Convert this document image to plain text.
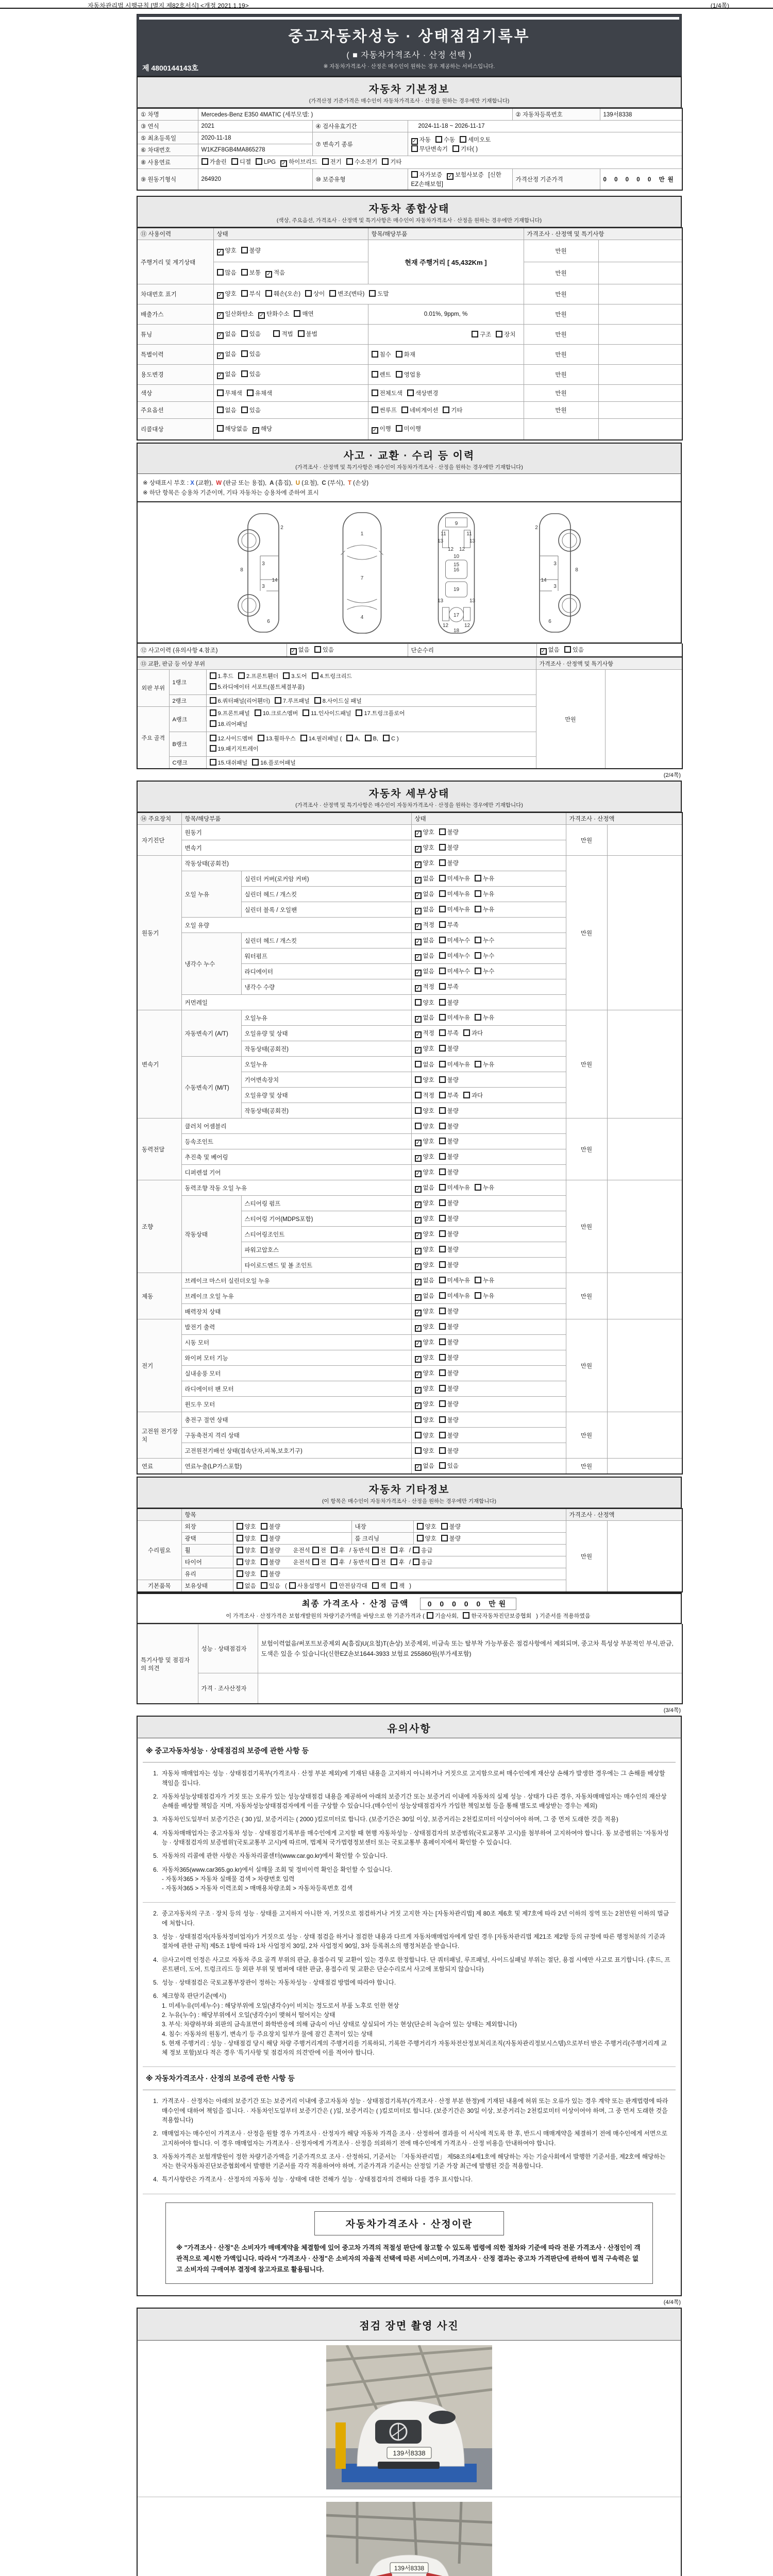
자동차관리법 시행규칙 [별지 제82호서식] <개정 2021.1.19>	(1/4쪽)
중고자동차성능 · 상태점검기록부
( ■ 자동차가격조사 · 산정 선택 )
※ 자동차가격조사 · 산정은 매수인이 원하는 경우 제공하는 서비스입니다.
제 4800144143호
자동차 기본정보
(가격산정 기준가격은 매수인이 자동차가격조사 · 산정을 원하는 경우에만 기재합니다)
① 차명	Mercedes-Benz E350 4MATIC (세부모델: )			② 자동차등록번호	139서8338
③ 연식	2021	④ 검사유효기간	2024-11-18 ~ 2026-11-17		
⑤ 최초등록일	2020-11-18	⑦ 변속기 종류	✓ 자동 수동 세미오토
무단변속기 기타( )		
⑥ 차대번호	W1KZF8GB4MA865278				
⑧ 사용연료	가솔린 디젤 LPG ✓ 하이브리드 전기 수소전기 기타				
⑨ 원동기형식	264920	⑩ 보증유형	자가보증 ✓ 보험사보증 [신한EZ손해보험]	가격산정 기준가격	0 0 0 0 0 만원
자동차 종합상태
(색상, 주요옵션, 가격조사 · 산정액 및 특기사항은 매수인이 자동차가격조사 · 산정을 원하는 경우에만 기재합니다)
⑪ 사용이력	상태	항목/해당부품	가격조사 · 산정액 및 특기사항	
주행거리 및 계기상태	✓ 양호 불량	현재 주행거리 [ 45,432Km ]	만원	
	많음 보통 ✓ 적음		만원	
차대번호 표기	✓ 양호 부식 훼손(오손) 상이 변조(변타) 도말		만원	
배출가스	✓ 일산화탄소 ✓ 탄화수소 매연	0.01%, 9ppm, %	만원	
튜닝	✓ 없음 있음　 적법 불법	구조 장치	만원	
특별이력	✓ 없음 있음	침수 화재	만원	
용도변경	✓ 없음 있음	렌트 영업용	만원	
색상	무채색 유채색	전체도색 색상변경	만원	
주요옵션	없음 있음	썬루프 네비게이션 기타	만원	
리콜대상	해당없음 ✓ 해당	✓ 이행 미이행		
사고 · 교환 · 수리 등 이력
(가격조사 · 산정액 및 특기사항은 매수인이 자동차가격조사 · 산정을 원하는 경우에만 기재합니다)
※ 상태표시 부호 : X (교환), W (판금 또는 용접), A (흠집), U (요철), C (부식), T (손상)
※ 하단 항목은 승용차 기준이며, 기타 자동차는 승용차에 준하여 표시
2
8
3
3
14
6
1
7
4
9
11	11
13	13
12 12
10
15
16
19
13	13
12	12
17
18
2
8
3
3
14
6
⑫ 사고이력 (유의사항 4.참조)	✓ 없음 있음	단순수리	✓ 없음 있음
⑬ 교환, 판금 등 이상 부위			가격조사 · 산정액 및 특기사항	
외판 부위	1랭크	1.후드 2.프론트휀더 3.도어 4.트렁크리드
5.라디에이터 서포트(볼트체결부품)	만원	
	2랭크	6.쿼터패널(리어휀더) 7.루프패널 8.사이드실 패널		
주요 골격	A랭크	9.프론트패널 10.크로스멤버 11.인사이드패널 17.트렁크플로어
18.리어패널		
	B랭크	12.사이드멤버 13.휠하우스 14.필러패널 ( A, B, C )
19.패키지트레이		
	C랭크	15.대쉬패널 16.플로어패널		
(2/4쪽)
자동차 세부상태
(가격조사 · 산정액 및 특기사항은 매수인이 자동차가격조사 · 산정을 원하는 경우에만 기재합니다)
⑭ 주요장치	항목/해당부품		상태	가격조사 · 산정액	
자기진단	원동기		✓ 양호 불량	만원	
	변속기		✓ 양호 불량		
원동기	작동상태(공회전)		✓ 양호 불량	만원	
	오일 누유	실린더 커버(로커암 커버)	✓ 없음 미세누유 누유		
		실린더 헤드 / 개스킷	✓ 없음 미세누유 누유		
		실린더 블록 / 오일팬	✓ 없음 미세누유 누유		
	오일 유량		✓ 적정 부족		
	냉각수 누수	실린더 헤드 / 개스킷	✓ 없음 미세누수 누수		
		워터펌프	✓ 없음 미세누수 누수		
		라디에이터	✓ 없음 미세누수 누수		
		냉각수 수량	✓ 적정 부족		
	커먼레일		양호 불량		
변속기	자동변속기 (A/T)	오일누유	✓ 없음 미세누유 누유	만원	
		오일유량 및 상태	✓ 적정 부족 과다		
		작동상태(공회전)	✓ 양호 불량		
	수동변속기 (M/T)	오일누유	없음 미세누유 누유		
		기어변속장치	양호 불량		
		오일유량 및 상태	적정 부족 과다		
		작동상태(공회전)	양호 불량		
동력전달	클러치 어셈블리		양호 불량	만원	
	등속조인트		✓ 양호 불량		
	추진축 및 베어링		✓ 양호 불량		
	디퍼렌셜 기어		✓ 양호 불량		
조향	동력조향 작동 오일 누유		✓ 없음 미세누유 누유	만원	
	작동상태	스티어링 펌프	✓ 양호 불량		
		스티어링 기어(MDPS포함)	✓ 양호 불량		
		스티어링조인트	✓ 양호 불량		
		파워고압호스	✓ 양호 불량		
		타이로드엔드 및 볼 조인트	✓ 양호 불량		
제동	브레이크 마스터 실린더오일 누유		✓ 없음 미세누유 누유	만원	
	브레이크 오일 누유		✓ 없음 미세누유 누유		
	배력장치 상태		✓ 양호 불량		
전기	발전기 출력		✓ 양호 불량	만원	
	시동 모터		✓ 양호 불량		
	와이퍼 모터 기능		✓ 양호 불량		
	실내송풍 모터		✓ 양호 불량		
	라디에이터 팬 모터		✓ 양호 불량		
	윈도우 모터		✓ 양호 불량		
고전원 전기장치	충전구 절연 상태		양호 불량	만원	
	구동축전지 격리 상태		양호 불량		
	고전원전기배선 상태(접속단자,피복,보호기구)		양호 불량		
연료	연료누출(LP가스포함)		✓ 없음 있음	만원	
자동차 기타정보
(이 항목은 매수인이 자동차가격조사 · 산정을 원하는 경우에만 기재합니다)
	항목				가격조사 · 산정액	
수리필요	외장	양호 불량	내장	양호 불량	만원	
	광택	양호 불량	룸 크리닝	양호 불량		
	휠	양호 불량　 운전석 전 후 / 동반석 전 후 / 응급				
	타이어	양호 불량　 운전석 전 후 / 동반석 전 후 / 응급				
	유리	양호 불량				
기본품목	보유상태	없음 있음 ( 사용설명서 안전삼각대 잭 잭 )				
최종 가격조사 · 산정 금액	0 0 0 0 0 만원
이 가격조사 · 산정가격은 보험개발원의 차량기준가액을 바탕으로 한 기준가격과 ( 기술사회, 한국자동차진단보증협회 ) 기준서를 적용하였음
특기사항 및 점검자의 의견	성능 · 상태점검자	보험이력없음/써포트보증제외 A(흠집)U(요철)T(손상) 보증제외, 비금속 또는 탈부착 가능부품은 점검사항에서 제외되며, 중고차 특성상 부분적인 부식,판금,도색은 있을 수 있습니다(신한EZ손보1644-3933 보험료 255860원(부가세포함)
	가격 · 조사산정자	
(3/4쪽)
유의사항
※ 중고자동차성능 · 상태점검의 보증에 관한 사항 등
1. 자동차 매매업자는 성능 · 상태점검기록부(가격조사 · 산정 부분 제외)에 기재된 내용을 고지하지 아니하거나 거짓으로 고지함으로써 매수인에게 재산상 손해가 발생한 경우에는 그 손해를 배상할 책임을 집니다.
2. 자동차성능상태점검자가 거짓 또는 오류가 있는 성능상태점검 내용을 제공하여 아래의 보증기간 또는 보증거리 이내에 자동차의 실제 성능 · 상태가 다른 경우, 자동차매매업자는 매수인의 재산상 손해를 배상할 책임을 지며, 자동차성능상태점검자에게 이를 구상할 수 있습니다.(매수인이 성능상태점검자가 가입한 책임보험 등을 통해 별도로 배상받는 경우는 제외)
3. 자동차인도일부터 보증기간은 ( 30 )일, 보증거리는 ( 2000 )킬로미터로 합니다. (보증기간은 30일 이상, 보증거리는 2천킬로미터 이상이어야 하며, 그 중 먼저 도래한 것을 적용)
4. 자동차매매업자는 중고자동차 성능 · 상태점검기록부를 매수인에게 고지할 때 현행 자동차성능 · 상태점검자의 보증범위(국토교통부 고시)를 첨부하여 고지하여야 합니다. 동 보증범위는 '자동차성능 · 상태점검자의 보증범위'(국토교통부 고시)에 따르며, 법제처 국가법령정보센터 또는 국토교통부 홈페이지에서 확인할 수 있습니다.
5. 자동차의 리콜에 관한 사항은 자동차리콜센터(www.car.go.kr)에서 확인할 수 있습니다.
6. 자동차365(www.car365.go.kr)에서 실매물 조회 및 정비이력 확인을 확인할 수 있습니다.
- 자동차365 > 자동차 실매물 검색 > 차량번호 입력
- 자동차365 > 자동차 이력조회 > 매매용차량조회 > 자동차등록번호 검색
2. 중고자동차의 구조 · 장치 등의 성능 · 상태를 고지하지 아니한 자, 거짓으로 점검하거나 거짓 고지한 자는 [자동차관리법] 제 80조 제6호 및 제7호에 따라 2년 이하의 징역 또는 2천만원 이하의 벌금에 처합니다.
3. 성능 · 상태점검자(자동차정비업자)가 거짓으로 성능 · 상태 점검을 하거나 점검한 내용과 다르게 자동차매매업자에게 알린 경우 [자동차관리법 제21조 제2항 등의 규정에 따른 행정처분의 기준과 절차에 관한 규칙] 제5조 1항에 따라 1차 사업정지 30일, 2차 사업정지 90일, 3차 등록취소의 행정처분을 받습니다.
4. ⑫사고이력 인정은 사고로 자동차 주요 골격 부위의 판금, 용접수리 및 교환이 있는 경우로 한정합니다. 단 쿼터패널, 루프패널, 사이드실패널 부위는 절단, 용접 시에만 사고로 표기합니다. (후드, 프론트펜더, 도어, 트렁크리드 등 외판 부위 및 범퍼에 대한 판금, 용접수리 및 교환은 단순수리로서 사고에 포함되지 않습니다)
5. 성능 · 상태점검은 국토교통부장관이 정하는 자동차성능 · 상태점검 방법에 따라야 합니다.
6. 체크항목 판단기준(예시)
1. 미세누유(미세누수) : 해당부위에 오일(냉각수)이 비치는 정도로서 부품 노후로 인한 현상
2. 누유(누수) : 해당부위에서 오일(냉각수)이 맺혀서 떨어지는 상태
3. 부식: 차량하부와 외판의 금속표면이 화학반응에 의해 금속이 아닌 상태로 상실되어 가는 현상(단순히 녹슬어 있는 상태는 제외합니다)
4. 침수: 자동차의 원동기, 변속기 등 주요장치 일부가 물에 잠긴 흔적이 있는 상태
5. 현재 주행거리 : 성능 · 상태점검 당시 해당 차량 주행거리계의 주행거리를 기록하되, 기록한 주행거리가 자동차전산정보처리조직(자동차관리정보시스템)으로부터 받은 주행거리(주행거리계 교체 정보 포함)보다 적은 경우 '특기사항 및 점검자의 의견'란에 이를 적어야 합니다.
※ 자동차가격조사 · 산정의 보증에 관한 사항 등
1. 가격조사 · 산정자는 아래의 보증기간 또는 보증거리 이내에 중고자동차 성능 · 상태점검기록부(가격조사 · 산정 부분 한정)에 기재된 내용에 허위 또는 오류가 있는 경우 계약 또는 관계법령에 따라 매수인에 대하여 책임을 집니다. · 자동차인도일부터 보증기간은 ( )일, 보증거리는 ( )킬로미터로 합니다. (보증기간은 30일 이상, 보증거리는 2천킬로미터 이상이어야 하며, 그 중 먼저 도래한 것을 적용합니다)
2. 매매업자는 매수인이 가격조사 · 산정을 원할 경우 가격조사 · 산정자가 해당 자동차 가격을 조사 · 산정하여 결과를 이 서식에 적도록 한 후, 반드시 매매계약을 체결하기 전에 매수인에게 서면으로 고지하여야 합니다. 이 경우 매매업자는 가격조사 · 산정자에게 가격조사 · 산정을 의뢰하기 전에 매수인에게 가격조사 · 산정 비용을 안내하여야 합니다.
3. 자동차가격은 보험개발원이 정한 차량기준가액을 기준가격으로 조사 · 산정하되, 기준서는 「자동차관리법」 제58조의4제1호에 해당하는 자는 기술사회에서 발행한 기준서를, 제2호에 해당하는 자는 한국자동차진단보증협회에서 발행한 기준서를 각각 적용하여야 하며, 기준가격과 기준서는 산정일 기준 가장 최근에 발행된 것을 적용합니다.
4. 특기사항란은 가격조사 · 산정자의 자동차 성능 · 상태에 대한 견해가 성능 · 상태점검자의 견해와 다를 경우 표시합니다.
자동차가격조사 · 산정이란
※ "가격조사 · 산정"은 소비자가 매매계약을 체결함에 있어 중고차 가격의 적절성 판단에 참고할 수 있도록 법령에 의한 절차와 기준에 따라 전문 가격조사 · 산정인이 객관적으로 제시한 가액입니다. 따라서 "가격조사 · 산정"은 소비자의 자율적 선택에 따른 서비스이며, 가격조사 · 산정 결과는 중고차 가격판단에 관하여 법적 구속력은 없고 소비자의 구매여부 결정에 참고자료로 활용됩니다.
(4/4쪽)
점검 장면 촬영 사진
139서8338
139서8338
